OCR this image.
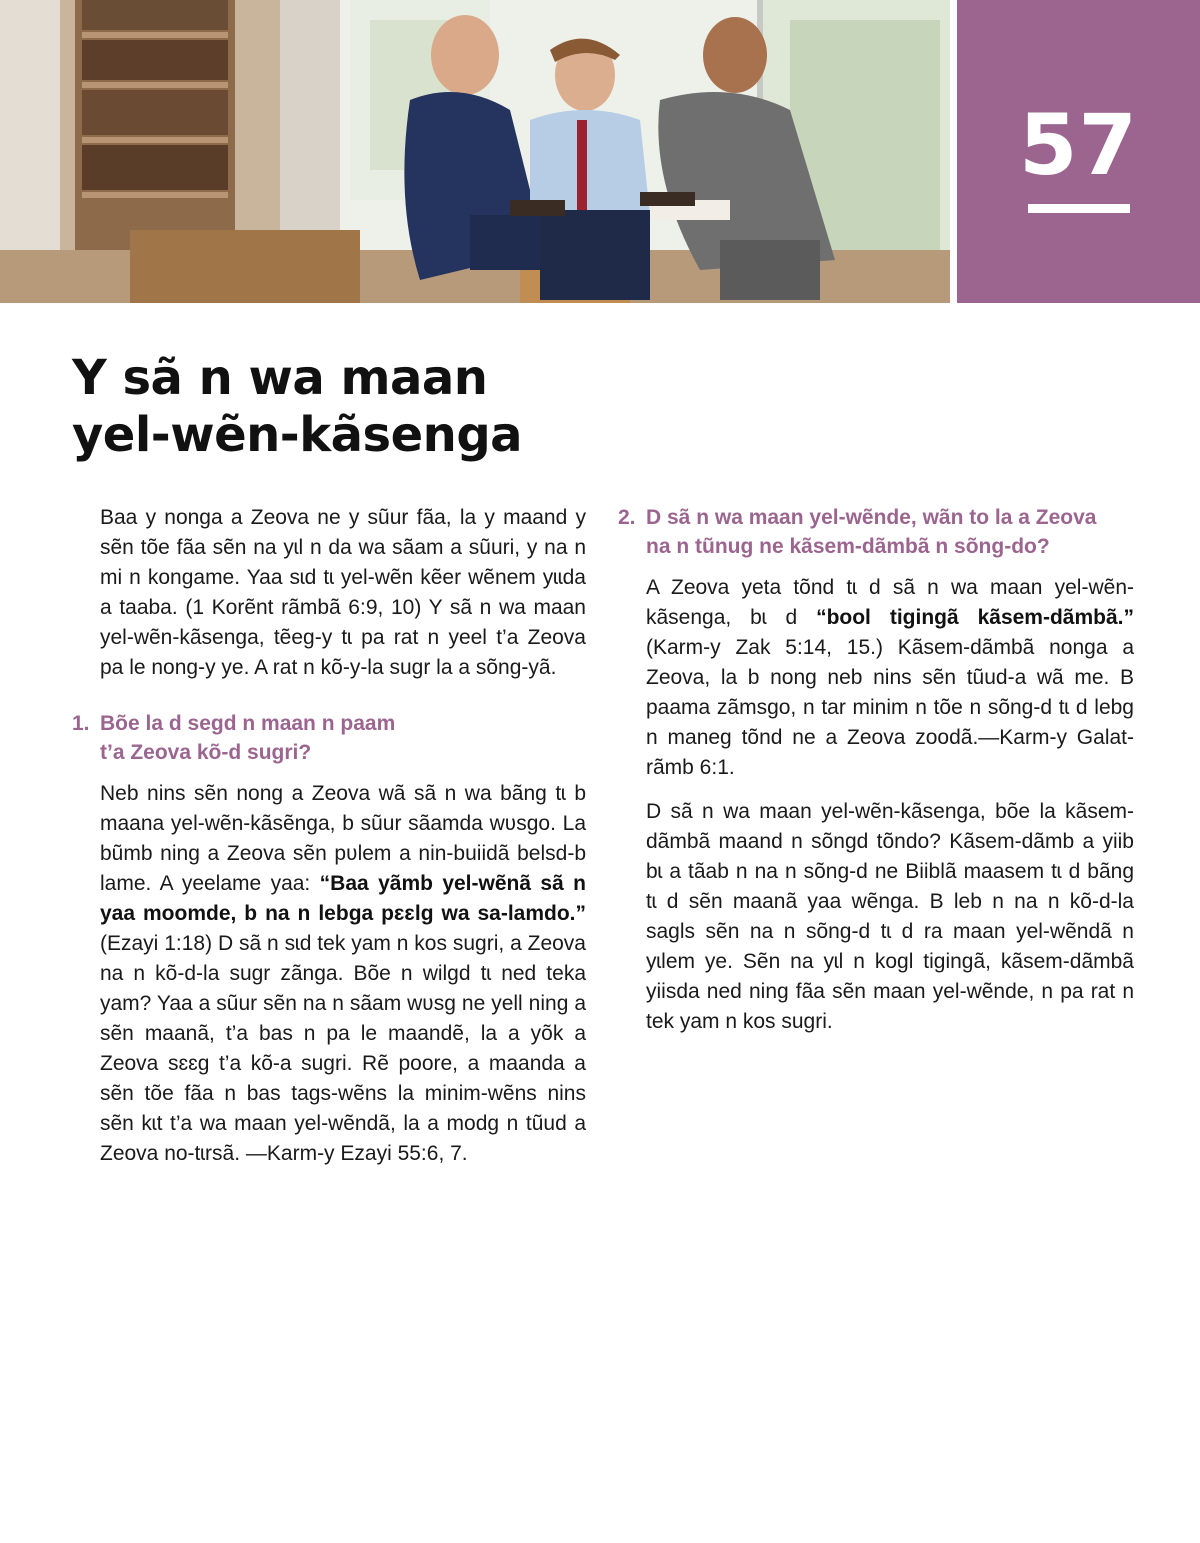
57
Y sã n wa maan
yel-wẽn-kãsenga

Baa y nonga a Zeova ne y sũur fãa, la y maand y sẽn tõe fãa sẽn na yɩl n da wa sãam a sũuri, y na n mi n kongame. Yaa sɩd tɩ yel-wẽn kẽer wẽnem yɩɩda a taaba. (1 Korẽnt rãmbã 6:9, 10) Y sã n wa maan yel-wẽn-kãsenga, tẽeg-y tɩ pa rat n yeel t’a Zeova pa le nong-y ye. A rat n kõ-y-la sugr la a sõng-yã.

1. Bõe la d segd n maan n paam
t’a Zeova kõ-d sugri?

Neb nins sẽn nong a Zeova wã sã n wa bãng tɩ b maana yel-wẽn-kãsẽnga, b sũur sãamda wʋsgo. La bũmb ning a Zeova sẽn pʋlem a nin-buiidã belsd-b lame. A yeelame yaa: “Baa yãmb yel-wẽnã sã n yaa moomde, b na n lebga pɛɛlg wa sa-lamdo.” (Ezayi 1:18) D sã n sɩd tek yam n kos sugri, a Zeova na n kõ-d-la sugr zãnga. Bõe n wilgd tɩ ned teka yam? Yaa a sũur sẽn na n sãam wʋsg ne yell ning a sẽn maanã, t’a bas n pa le maandẽ, la a yõk a Zeova sɛɛg t’a kõ-a sugri. Rẽ poore, a maanda a sẽn tõe fãa n bas tags-wẽns la minim-wẽns nins sẽn kɩt t’a wa maan yel-wẽndã, la a modg n tũud a Zeova no-tɩrsã. —Karm-y Ezayi 55:6, 7.

2. D sã n wa maan yel-wẽnde, wãn to la a Zeova
na n tũnug ne kãsem-dãmbã n sõng-do?

A Zeova yeta tõnd tɩ d sã n wa maan yel-wẽn-kãsenga, bɩ d “bool tigingã kãsem-dãmbã.” (Karm-y Zak 5:14, 15.) Kãsem-dãmbã nonga a Zeova, la b nong neb nins sẽn tũud-a wã me. B paama zãmsgo, n tar minim n tõe n sõng-d tɩ d lebg n maneg tõnd ne a Zeova zoodã.—Karm-y Galat-rãmb 6:1.

D sã n wa maan yel-wẽn-kãsenga, bõe la kãsem-dãmbã maand n sõngd tõndo? Kãsem-dãmb a yiib bɩ a tãab n na n sõng-d ne Biiblã maasem tɩ d bãng tɩ d sẽn maanã yaa wẽnga. B leb n na n kõ-d-la sagls sẽn na n sõng-d tɩ d ra maan yel-wẽndã n yɩlem ye. Sẽn na yɩl n kogl tigingã, kãsem-dãmbã yiisda ned ning fãa sẽn maan yel-wẽnde, n pa rat n tek yam n kos sugri.
